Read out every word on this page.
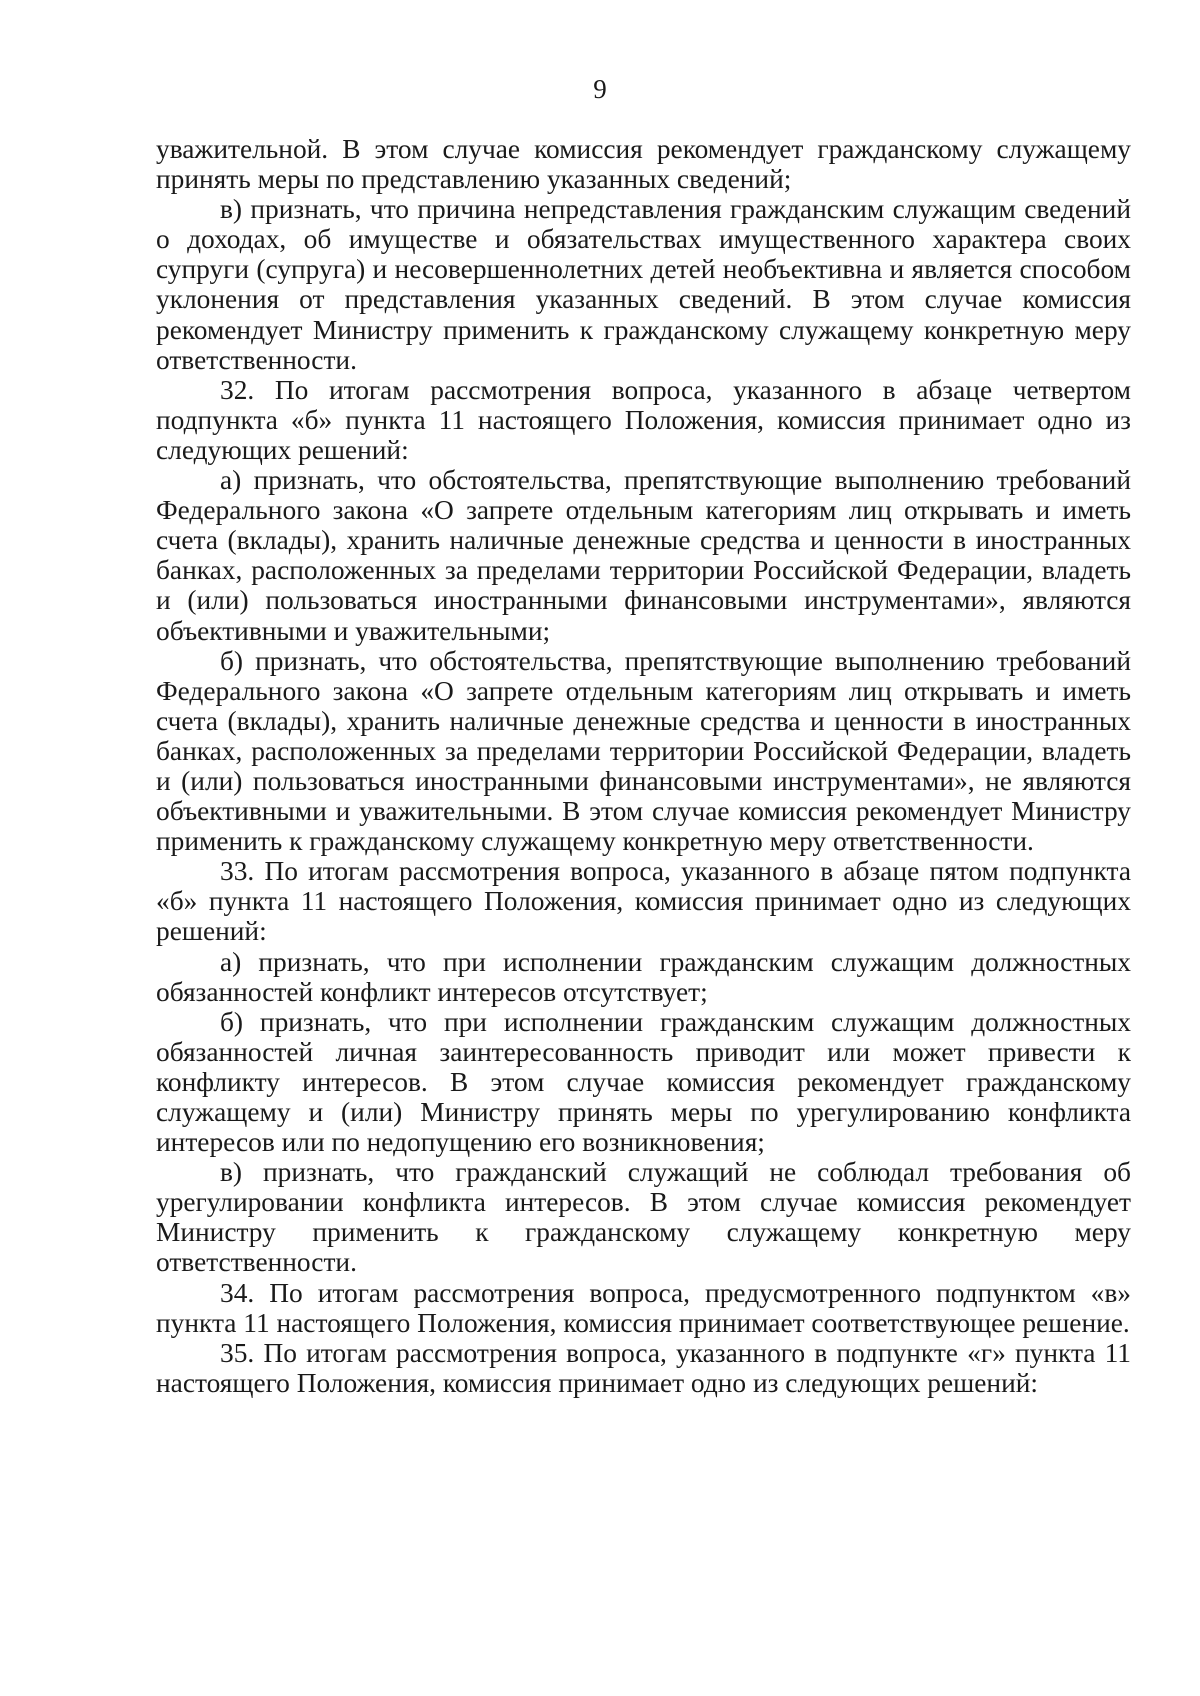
9

уважительной. В этом случае комиссия рекомендует гражданскому служащему принять меры по представлению указанных сведений;

в) признать, что причина непредставления гражданским служащим сведений о доходах, об имуществе и обязательствах имущественного характера своих супруги (супруга) и несовершеннолетних детей необъективна и является способом уклонения от представления указанных сведений. В этом случае комиссия рекомендует Министру применить к гражданскому служащему конкретную меру ответственности.

32. По итогам рассмотрения вопроса, указанного в абзаце четвертом подпункта «б» пункта 11 настоящего Положения, комиссия принимает одно из следующих решений:

а) признать, что обстоятельства, препятствующие выполнению требований Федерального закона «О запрете отдельным категориям лиц открывать и иметь счета (вклады), хранить наличные денежные средства и ценности в иностранных банках, расположенных за пределами территории Российской Федерации, владеть и (или) пользоваться иностранными финансовыми инструментами», являются объективными и уважительными;

б) признать, что обстоятельства, препятствующие выполнению требований Федерального закона «О запрете отдельным категориям лиц открывать и иметь счета (вклады), хранить наличные денежные средства и ценности в иностранных банках, расположенных за пределами территории Российской Федерации, владеть и (или) пользоваться иностранными финансовыми инструментами», не являются объективными и уважительными. В этом случае комиссия рекомендует Министру применить к гражданскому служащему конкретную меру ответственности.

33. По итогам рассмотрения вопроса, указанного в абзаце пятом подпункта «б» пункта 11 настоящего Положения, комиссия принимает одно из следующих решений:

а) признать, что при исполнении гражданским служащим должностных обязанностей конфликт интересов отсутствует;

б) признать, что при исполнении гражданским служащим должностных обязанностей личная заинтересованность приводит или может привести к конфликту интересов. В этом случае комиссия рекомендует гражданскому служащему и (или) Министру принять меры по урегулированию конфликта интересов или по недопущению его возникновения;

в) признать, что гражданский служащий не соблюдал требования об урегулировании конфликта интересов. В этом случае комиссия рекомендует Министру применить к гражданскому служащему конкретную меру ответственности.

34. По итогам рассмотрения вопроса, предусмотренного подпунктом «в» пункта 11 настоящего Положения, комиссия принимает соответствующее решение.

35. По итогам рассмотрения вопроса, указанного в подпункте «г» пункта 11 настоящего Положения, комиссия принимает одно из следующих решений:
